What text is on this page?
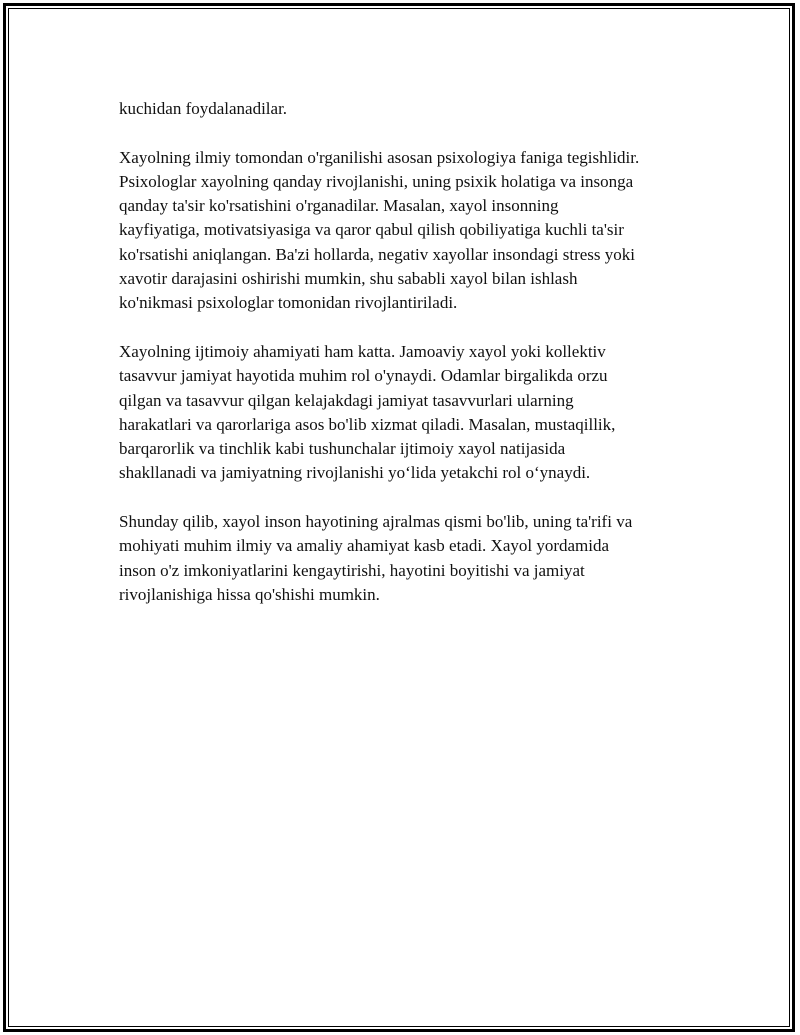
kuchidan foydalanadilar.

Xayolning ilmiy tomondan o'rganilishi asosan psixologiya faniga tegishlidir.
Psixologlar xayolning qanday rivojlanishi, uning psixik holatiga va insonga
qanday ta'sir ko'rsatishini o'rganadilar. Masalan, xayol insonning
kayfiyatiga, motivatsiyasiga va qaror qabul qilish qobiliyatiga kuchli ta'sir
ko'rsatishi aniqlangan. Ba'zi hollarda, negativ xayollar insondagi stress yoki
xavotir darajasini oshirishi mumkin, shu sababli xayol bilan ishlash
ko'nikmasi psixologlar tomonidan rivojlantiriladi.

Xayolning ijtimoiy ahamiyati ham katta. Jamoaviy xayol yoki kollektiv
tasavvur jamiyat hayotida muhim rol o'ynaydi. Odamlar birgalikda orzu
qilgan va tasavvur qilgan kelajakdagi jamiyat tasavvurlari ularning
harakatlari va qarorlariga asos bo'lib xizmat qiladi. Masalan, mustaqillik,
barqarorlik va tinchlik kabi tushunchalar ijtimoiy xayol natijasida
shakllanadi va jamiyatning rivojlanishi yo‘lida yetakchi rol o‘ynaydi.

Shunday qilib, xayol inson hayotining ajralmas qismi bo'lib, uning ta'rifi va
mohiyati muhim ilmiy va amaliy ahamiyat kasb etadi. Xayol yordamida
inson o'z imkoniyatlarini kengaytirishi, hayotini boyitishi va jamiyat
rivojlanishiga hissa qo'shishi mumkin.
